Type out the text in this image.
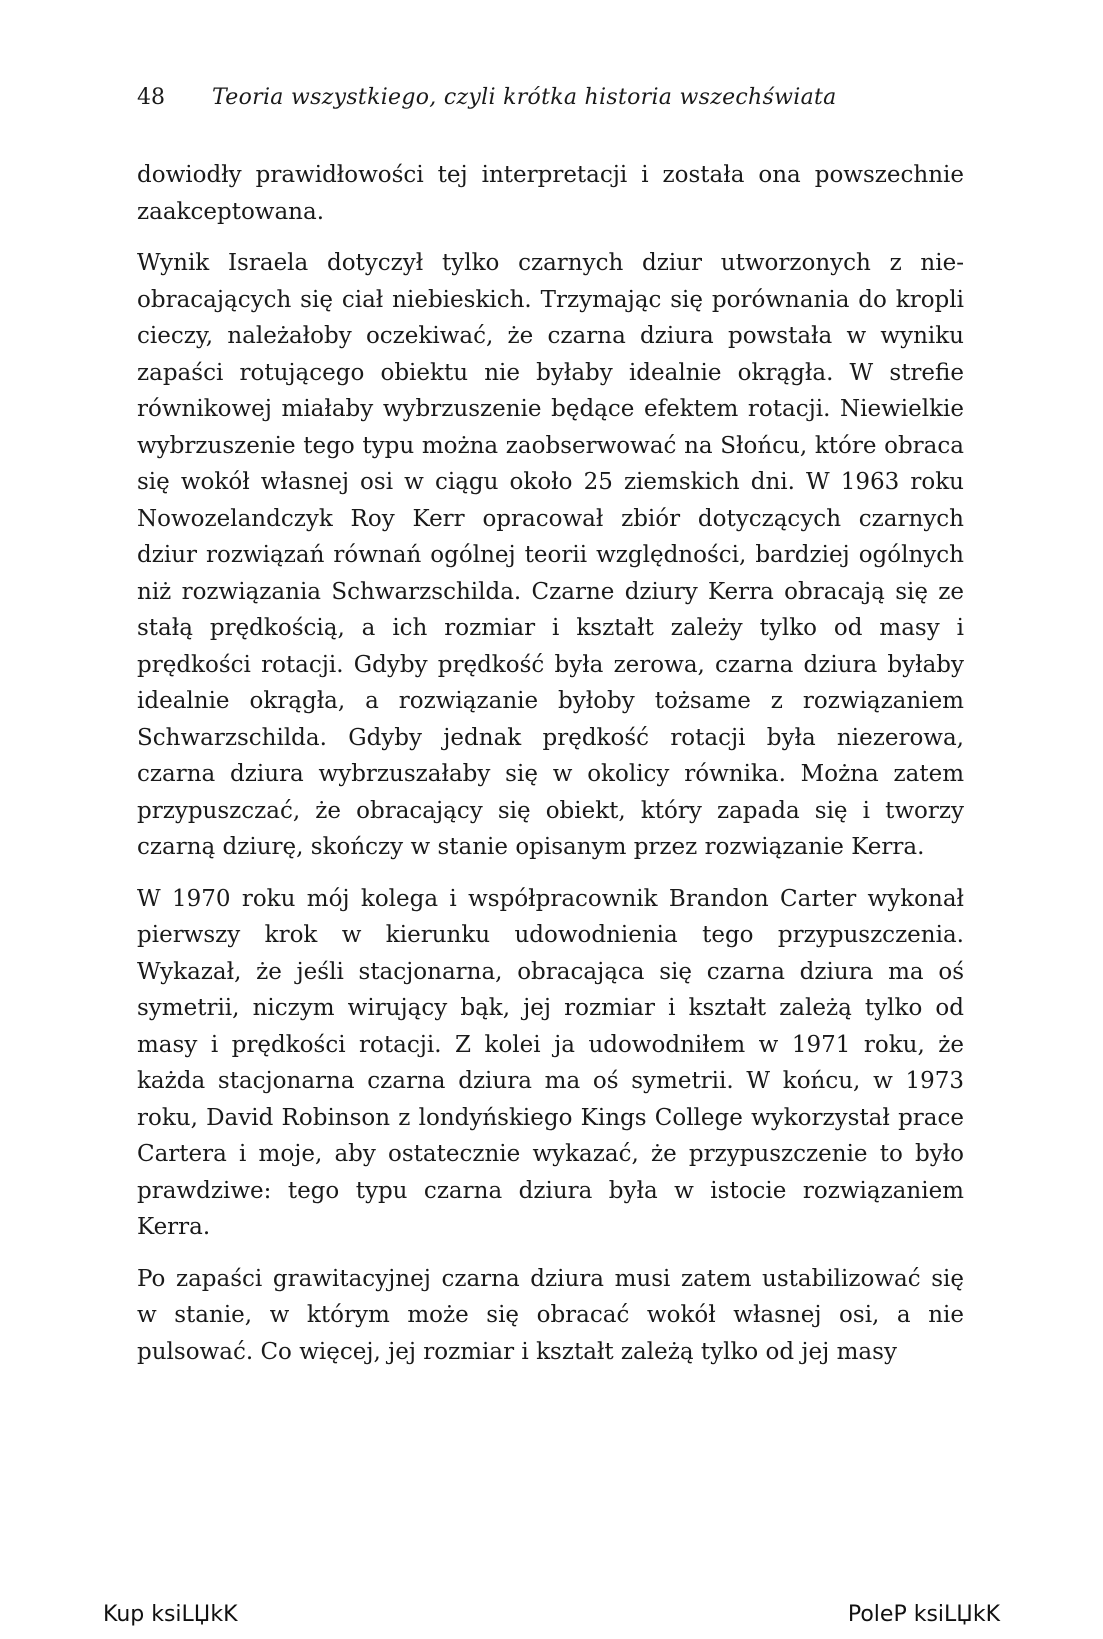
48 Teoria wszystkiego, czyli krótka historia wszechświata

dowiodły prawidłowości tej interpretacji i została ona powszechnie zaakceptowana.

Wynik Israela dotyczył tylko czarnych dziur utworzonych z nieobracających się ciał niebieskich. Trzymając się porównania do kropli cieczy, należałoby oczekiwać, że czarna dziura powstała w wyniku zapaści rotującego obiektu nie byłaby idealnie okrągła. W strefie równikowej miałaby wybrzuszenie będące efektem rotacji. Niewielkie wybrzuszenie tego typu można zaobserwować na Słońcu, które obraca się wokół własnej osi w ciągu około 25 ziemskich dni. W 1963 roku Nowozelandczyk Roy Kerr opracował zbiór dotyczących czarnych dziur rozwiązań równań ogólnej teorii względności, bardziej ogólnych niż rozwiązania Schwarzschilda. Czarne dziury Kerra obracają się ze stałą prędkością, a ich rozmiar i kształt zależy tylko od masy i prędkości rotacji. Gdyby prędkość była zerowa, czarna dziura byłaby idealnie okrągła, a rozwiązanie byłoby tożsame z rozwiązaniem Schwarzschilda. Gdyby jednak prędkość rotacji była niezerowa, czarna dziura wybrzuszałaby się w okolicy równika. Można zatem przypuszczać, że obracający się obiekt, który zapada się i tworzy czarną dziurę, skończy w stanie opisanym przez rozwiązanie Kerra.

W 1970 roku mój kolega i współpracownik Brandon Carter wykonał pierwszy krok w kierunku udowodnienia tego przypuszczenia. Wykazał, że jeśli stacjonarna, obracająca się czarna dziura ma oś symetrii, niczym wirujący bąk, jej rozmiar i kształt zależą tylko od masy i prędkości rotacji. Z kolei ja udowodniłem w 1971 roku, że każda stacjonarna czarna dziura ma oś symetrii. W końcu, w 1973 roku, David Robinson z londyńskiego Kings College wykorzystał prace Cartera i moje, aby ostatecznie wykazać, że przypuszczenie to było prawdziwe: tego typu czarna dziura była w istocie rozwiązaniem Kerra.

Po zapaści grawitacyjnej czarna dziura musi zatem ustabilizować się w stanie, w którym może się obracać wokół własnej osi, a nie pulsować. Co więcej, jej rozmiar i kształt zależą tylko od jej masy

Kup ksiLЏkK	PoleP ksiLЏkK
